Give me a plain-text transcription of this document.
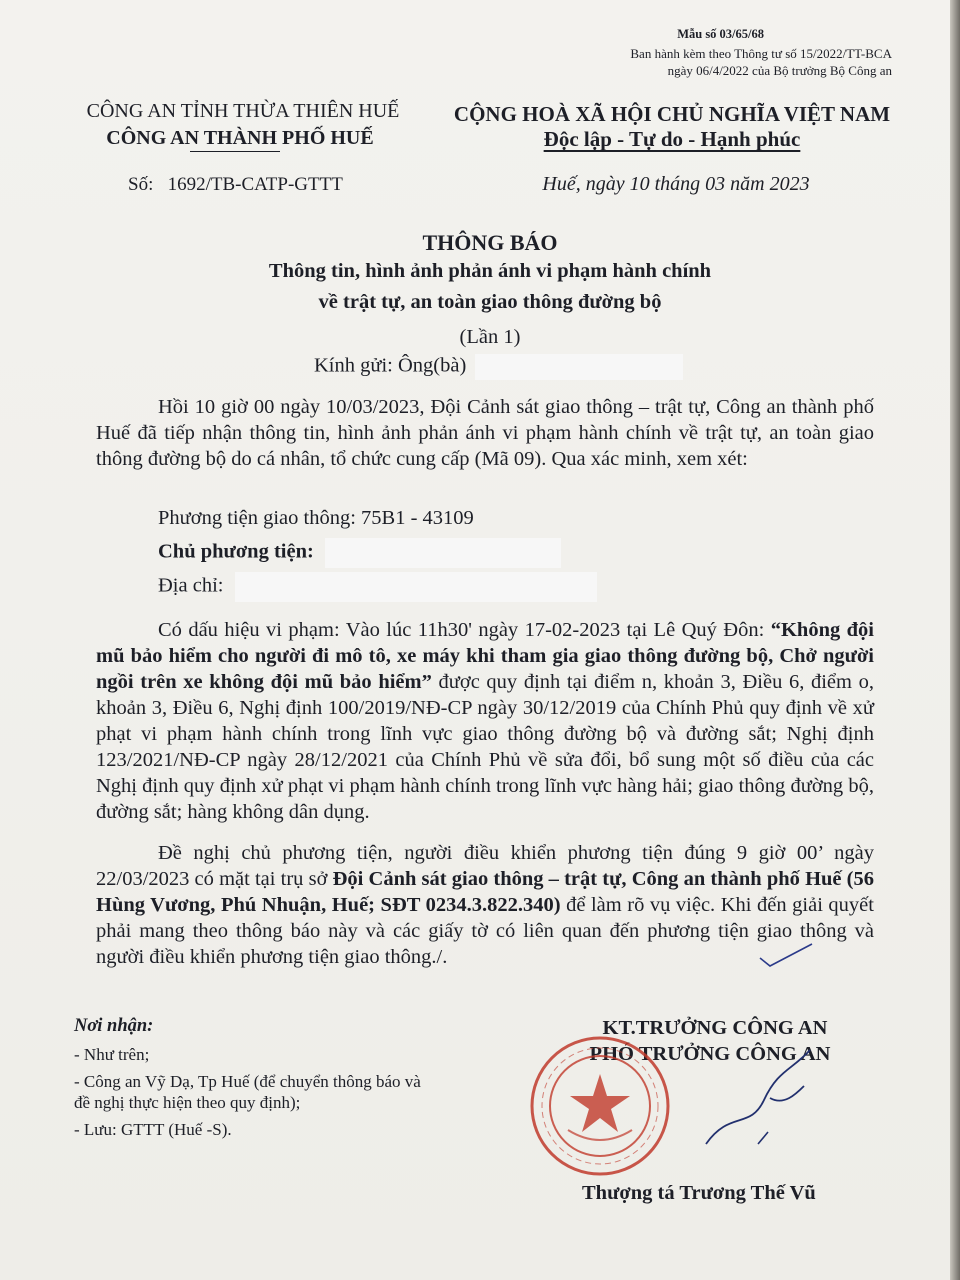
Mẫu số 03/65/68
Ban hành kèm theo Thông tư số 15/2022/TT-BCA
ngày 06/4/2022 của Bộ trưởng Bộ Công an
CÔNG AN TỈNH THỪA THIÊN HUẾ
CÔNG AN THÀNH PHỐ HUẾ
Số: 1692/TB-CATP-GTTT
CỘNG HOÀ XÃ HỘI CHỦ NGHĨA VIỆT NAM
Độc lập - Tự do - Hạnh phúc
Huế, ngày 10 tháng 03 năm 2023
THÔNG BÁO
Thông tin, hình ảnh phản ánh vi phạm hành chính
về trật tự, an toàn giao thông đường bộ
(Lần 1)
Kính gửi: Ông(bà)

Hồi 10 giờ 00 ngày 10/03/2023, Đội Cảnh sát giao thông – trật tự, Công an thành phố Huế đã tiếp nhận thông tin, hình ảnh phản ánh vi phạm hành chính về trật tự, an toàn giao thông đường bộ do cá nhân, tổ chức cung cấp (Mã 09). Qua xác minh, xem xét:

Phương tiện giao thông: 75B1 - 43109
Chủ phương tiện:
Địa chỉ:

Có dấu hiệu vi phạm: Vào lúc 11h30' ngày 17-02-2023 tại Lê Quý Đôn: “Không đội mũ bảo hiểm cho người đi mô tô, xe máy khi tham gia giao thông đường bộ, Chở người ngồi trên xe không đội mũ bảo hiểm” được quy định tại điểm n, khoản 3, Điều 6, điểm o, khoản 3, Điều 6, Nghị định 100/2019/NĐ-CP ngày 30/12/2019 của Chính Phủ quy định về xử phạt vi phạm hành chính trong lĩnh vực giao thông đường bộ và đường sắt; Nghị định 123/2021/NĐ-CP ngày 28/12/2021 của Chính Phủ về sửa đổi, bổ sung một số điều của các Nghị định quy định xử phạt vi phạm hành chính trong lĩnh vực hàng hải; giao thông đường bộ, đường sắt; hàng không dân dụng.

Đề nghị chủ phương tiện, người điều khiển phương tiện đúng 9 giờ 00’ ngày 22/03/2023 có mặt tại trụ sở Đội Cảnh sát giao thông – trật tự, Công an thành phố Huế (56 Hùng Vương, Phú Nhuận, Huế; SĐT 0234.3.822.340) để làm rõ vụ việc. Khi đến giải quyết phải mang theo thông báo này và các giấy tờ có liên quan đến phương tiện giao thông và người điều khiển phương tiện giao thông./.

Nơi nhận:
- Như trên;
- Công an Vỹ Dạ, Tp Huế (để chuyển thông báo và
đề nghị thực hiện theo quy định);
- Lưu: GTTT (Huế -S).
KT.TRƯỞNG CÔNG AN
PHÓ TRƯỞNG CÔNG AN
Thượng tá Trương Thế Vũ
